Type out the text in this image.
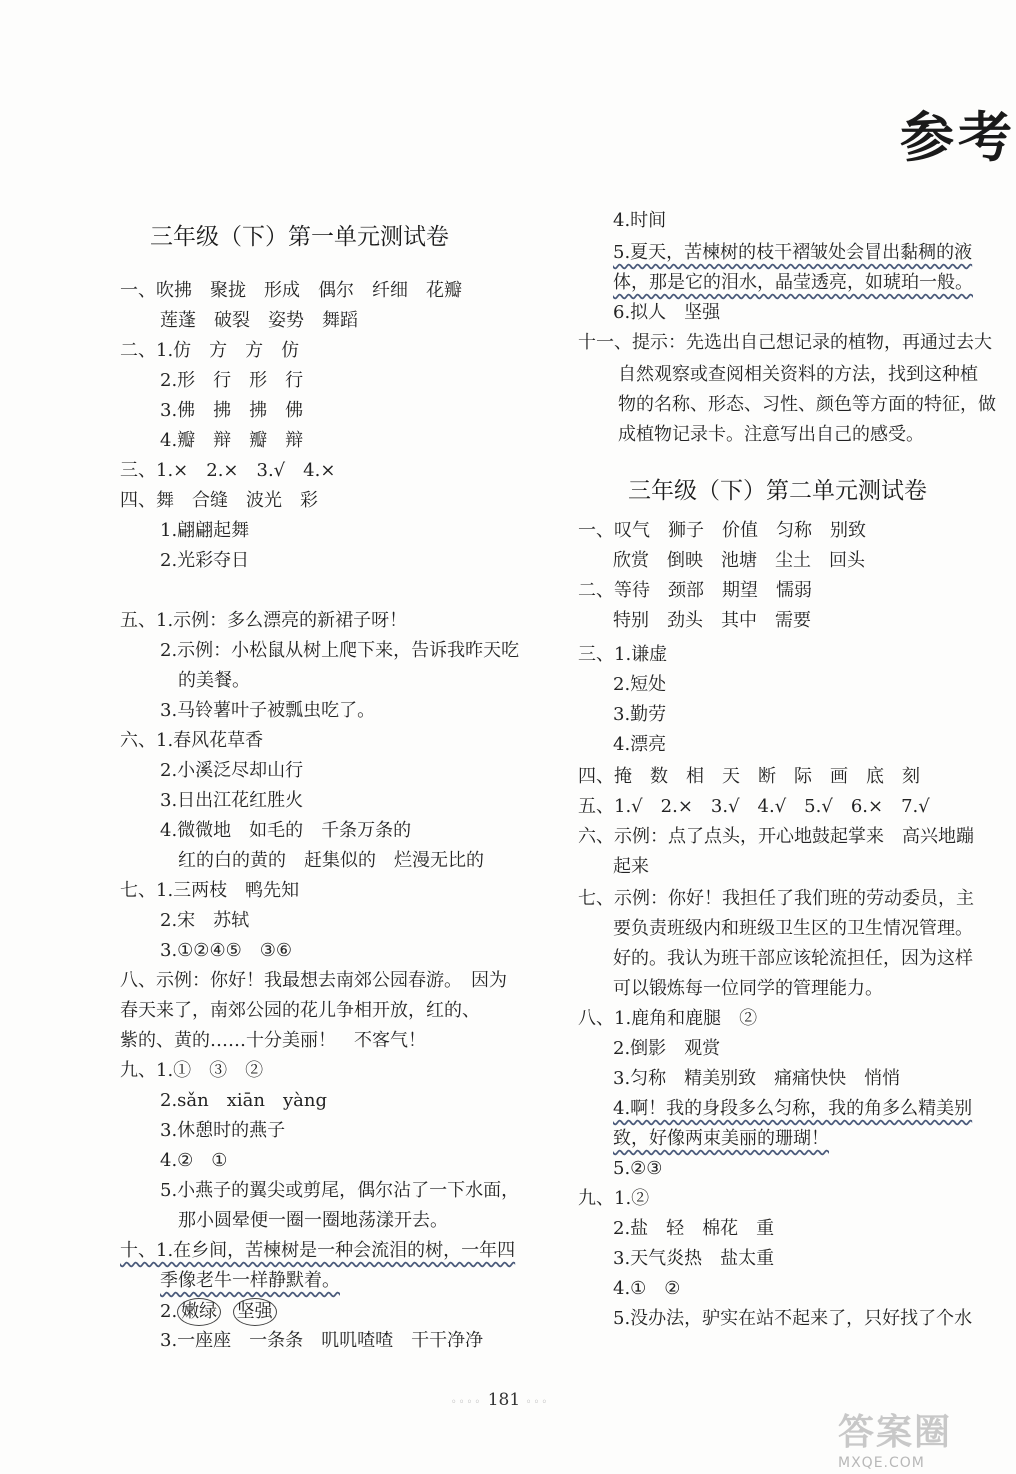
参考
三年级（下）第一单元测试卷
一、吹拂　聚拢　形成　偶尔　纤细　花瓣
莲蓬　破裂　姿势　舞蹈
二、1.仿　方　方　仿
2.形　行　形　行
3.佛　拂　拂　佛
4.瓣　辩　瓣　辩
三、1.×　2.×　3.√　4.×
四、舞　合缝　波光　彩
1.翩翩起舞
2.光彩夺日
五、1.示例：多么漂亮的新裙子呀！
2.示例：小松鼠从树上爬下来，告诉我昨天吃
的美餐。
3.马铃薯叶子被瓢虫吃了。
六、1.春风花草香
2.小溪泛尽却山行
3.日出江花红胜火
4.微微地　如毛的　千条万条的
红的白的黄的　赶集似的　烂漫无比的
七、1.三两枝　鸭先知
2.宋　苏轼
3.①②④⑤　③⑥
八、示例：你好！我最想去南郊公园春游。　因为
春天来了，南郊公园的花儿争相开放，红的、
紫的、黄的……十分美丽！　不客气！
九、1.①　③　②
2.sǎn　xiān　yàng
3.休憩时的燕子
4.②　①
5.小燕子的翼尖或剪尾，偶尔沾了一下水面，
那小圆晕便一圈一圈地荡漾开去。
十、1.在乡间，苦楝树是一种会流泪的树，一年四
季像老牛一样静默着。
2. 嫩绿 坚强
3.一座座　一条条　叽叽喳喳　干干净净
4.时间
5.夏天，苦楝树的枝干褶皱处会冒出黏稠的液
体，那是它的泪水，晶莹透亮，如琥珀一般。
6.拟人　坚强
十一、提示：先选出自己想记录的植物，再通过去大
自然观察或查阅相关资料的方法，找到这种植
物的名称、形态、习性、颜色等方面的特征，做
成植物记录卡。注意写出自己的感受。
三年级（下）第二单元测试卷
一、叹气　狮子　价值　匀称　别致
欣赏　倒映　池塘　尘土　回头
二、等待　颈部　期望　懦弱
特别　劲头　其中　需要
三、1.谦虚
2.短处
3.勤劳
4.漂亮
四、掩　数　相　天　断　际　画　底　刻
五、1.√　2.×　3.√　4.√　5.√　6.×　7.√
六、示例：点了点头，开心地鼓起掌来　高兴地蹦
起来
七、示例：你好！我担任了我们班的劳动委员，主
要负责班级内和班级卫生区的卫生情况管理。
好的。我认为班干部应该轮流担任，因为这样
可以锻炼每一位同学的管理能力。
八、1.鹿角和鹿腿　②
2.倒影　观赏
3.匀称　精美别致　痛痛快快　悄悄
4.啊！我的身段多么匀称，我的角多么精美别
致，好像两束美丽的珊瑚！
5.②③
九、1.②
2.盐　轻　棉花　重
3.天气炎热　盐太重
4.①　②
5.没办法，驴实在站不起来了，只好找了个水
◦◦◦◦ 181 ◦◦◦
答案圈
MXQE.COM
